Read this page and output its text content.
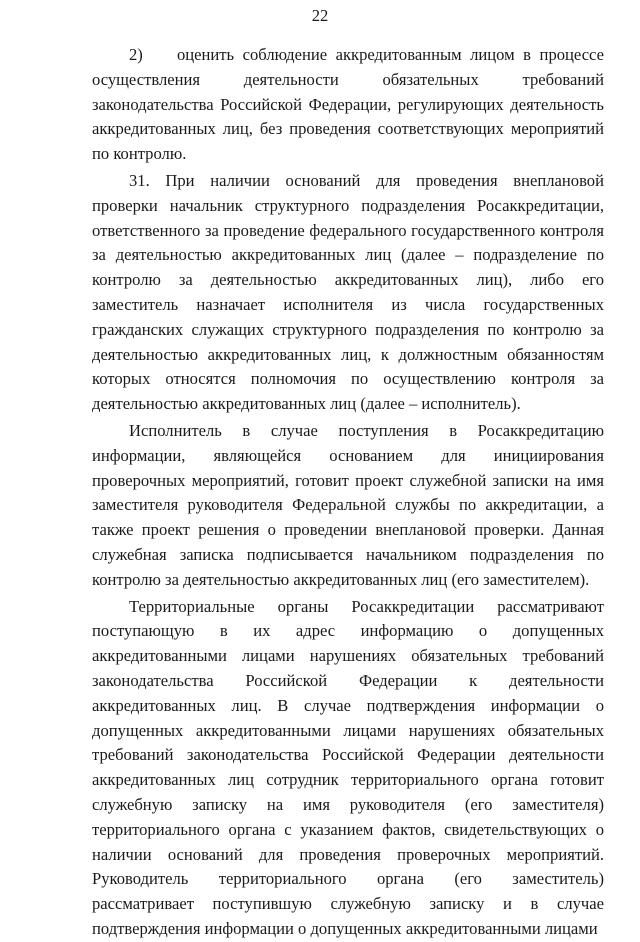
22

2)    оценить соблюдение аккредитованным лицом в процессе осуществления деятельности обязательных требований законодательства Российской Федерации, регулирующих деятельность аккредитованных лиц, без проведения соответствующих мероприятий по контролю.

31. При наличии оснований для проведения внеплановой проверки начальник структурного подразделения Росаккредитации, ответственного за проведение федерального государственного контроля за деятельностью аккредитованных лиц (далее – подразделение по контролю за деятельностью аккредитованных лиц), либо его заместитель назначает исполнителя из числа государственных гражданских служащих структурного подразделения по контролю за деятельностью аккредитованных лиц, к должностным обязанностям которых относятся полномочия по осуществлению контроля за деятельностью аккредитованных лиц (далее – исполнитель).

Исполнитель в случае поступления в Росаккредитацию информации, являющейся основанием для инициирования проверочных мероприятий, готовит проект служебной записки на имя заместителя руководителя Федеральной службы по аккредитации, а также проект решения о проведении внеплановой проверки. Данная служебная записка подписывается начальником подразделения по контролю за деятельностью аккредитованных лиц (его заместителем).

Территориальные органы Росаккредитации рассматривают поступающую в их адрес информацию о допущенных аккредитованными лицами нарушениях обязательных требований законодательства Российской Федерации к деятельности аккредитованных лиц. В случае подтверждения информации о допущенных аккредитованными лицами нарушениях обязательных требований законодательства Российской Федерации деятельности аккредитованных лиц сотрудник территориального органа готовит служебную записку на имя руководителя (его заместителя) территориального органа с указанием фактов, свидетельствующих о наличии оснований для проведения проверочных мероприятий. Руководитель территориального органа (его заместитель) рассматривает поступившую служебную записку и в случае подтверждения информации о допущенных аккредитованными лицами
